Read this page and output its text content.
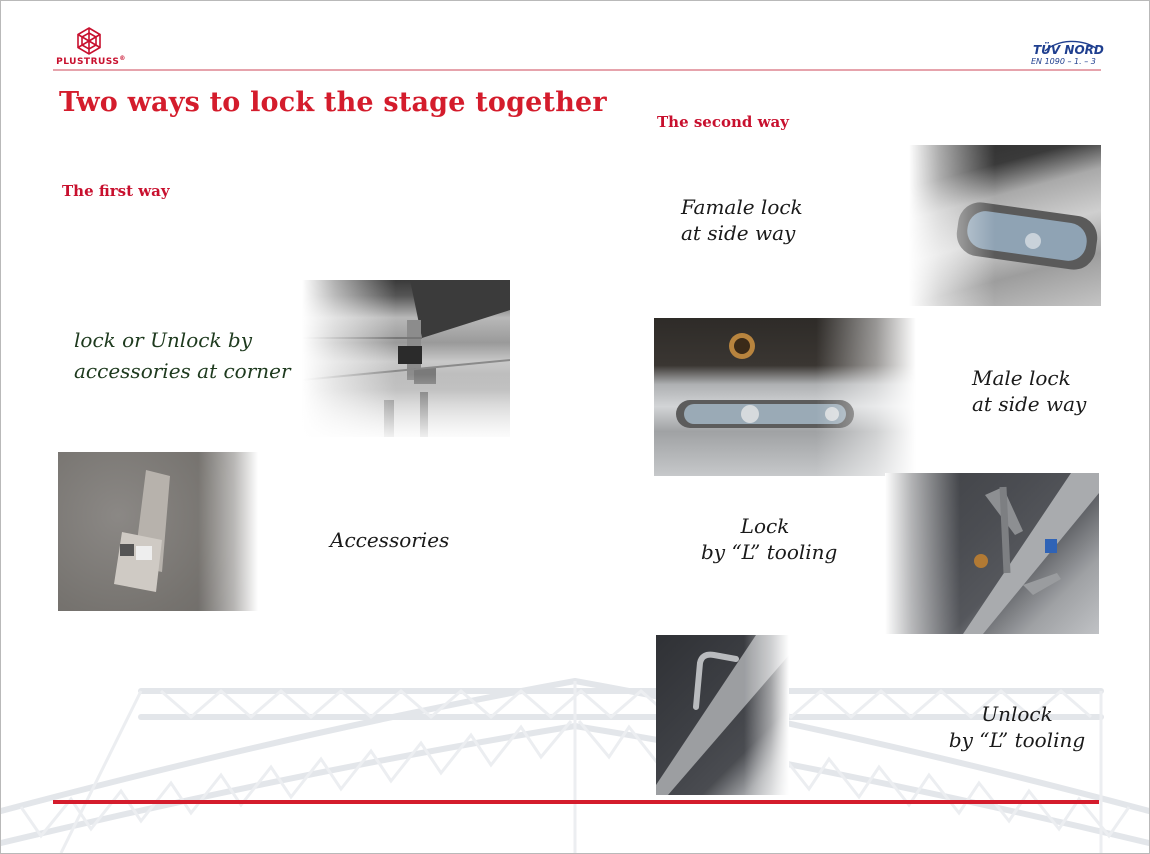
PLUSTRUSS®
TÜV NORD
EN 1090 – 1. – 3
Two ways to lock the stage together
The first way
lock or Unlock by
accessories at corner
Accessories
The second way
Famale lock
at side way
Male lock
at side way
Lock
by “L” tooling
Unlock
by “L” tooling
